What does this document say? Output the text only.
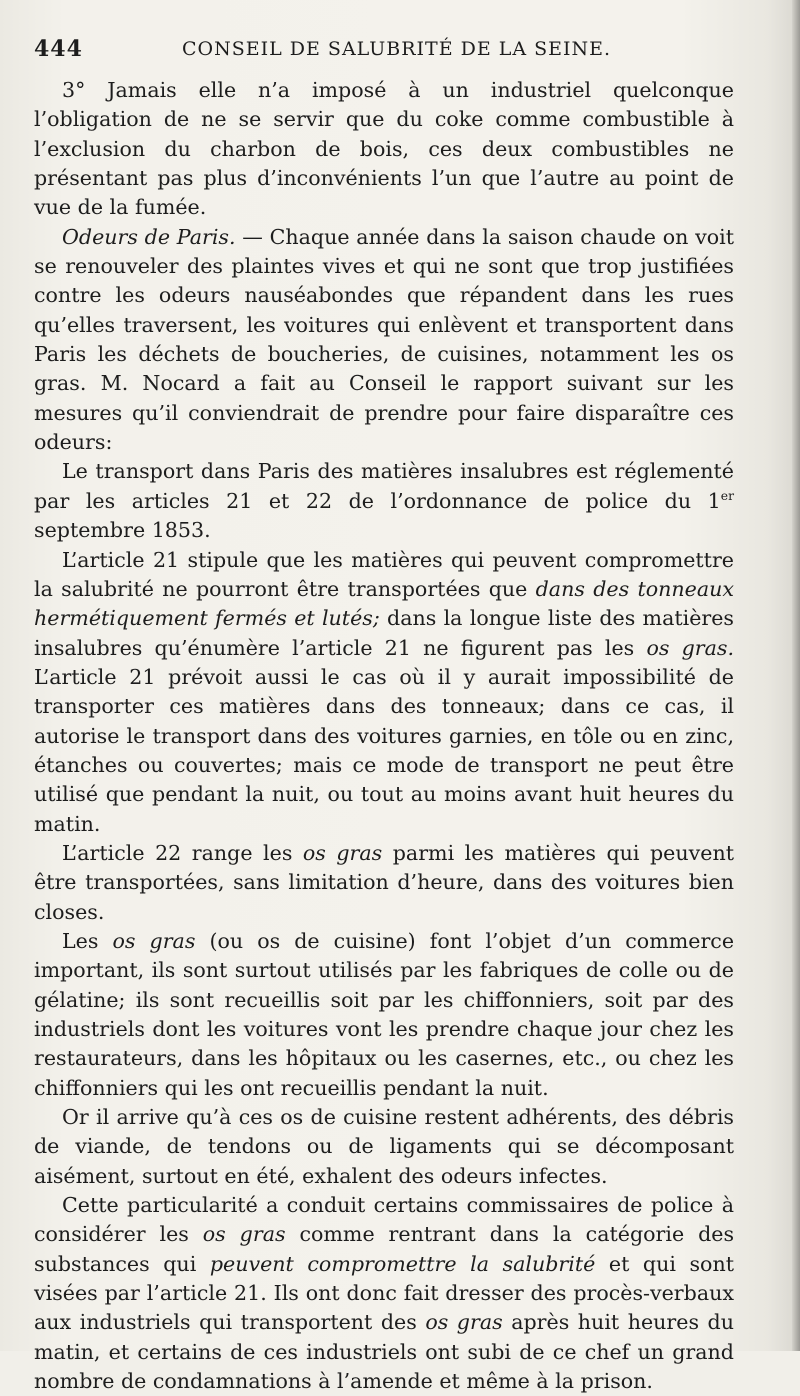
444	CONSEIL DE SALUBRITÉ DE LA SEINE.

3° Jamais elle n’a imposé à un industriel quelconque l’obligation de ne se servir que du coke comme combustible à l’exclusion du charbon de bois, ces deux combustibles ne présentant pas plus d’inconvénients l’un que l’autre au point de vue de la fumée.

Odeurs de Paris. — Chaque année dans la saison chaude on voit se renouveler des plaintes vives et qui ne sont que trop justifiées contre les odeurs nauséabondes que répandent dans les rues qu’elles traversent, les voitures qui enlèvent et transportent dans Paris les déchets de boucheries, de cuisines, notamment les os gras. M. Nocard a fait au Conseil le rapport suivant sur les mesures qu’il conviendrait de prendre pour faire disparaître ces odeurs:

Le transport dans Paris des matières insalubres est réglementé par les articles 21 et 22 de l’ordonnance de police du 1er septembre 1853.

L’article 21 stipule que les matières qui peuvent compromettre la salubrité ne pourront être transportées que dans des tonneaux hermétiquement fermés et lutés; dans la longue liste des matières insalubres qu’énumère l’article 21 ne figurent pas les os gras. L’article 21 prévoit aussi le cas où il y aurait impossibilité de transporter ces matières dans des tonneaux; dans ce cas, il autorise le transport dans des voitures garnies, en tôle ou en zinc, étanches ou couvertes; mais ce mode de transport ne peut être utilisé que pendant la nuit, ou tout au moins avant huit heures du matin.

L’article 22 range les os gras parmi les matières qui peuvent être transportées, sans limitation d’heure, dans des voitures bien closes.

Les os gras (ou os de cuisine) font l’objet d’un commerce important, ils sont surtout utilisés par les fabriques de colle ou de gélatine; ils sont recueillis soit par les chiffonniers, soit par des industriels dont les voitures vont les prendre chaque jour chez les restaurateurs, dans les hôpitaux ou les casernes, etc., ou chez les chiffonniers qui les ont recueillis pendant la nuit.

Or il arrive qu’à ces os de cuisine restent adhérents, des débris de viande, de tendons ou de ligaments qui se décomposant aisément, surtout en été, exhalent des odeurs infectes.

Cette particularité a conduit certains commissaires de police à considérer les os gras comme rentrant dans la catégorie des substances qui peuvent compromettre la salubrité et qui sont visées par l’article 21. Ils ont donc fait dresser des procès-verbaux aux industriels qui transportent des os gras après huit heures du matin, et certains de ces industriels ont subi de ce chef un grand nombre de condamnations à l’amende et même à la prison.
